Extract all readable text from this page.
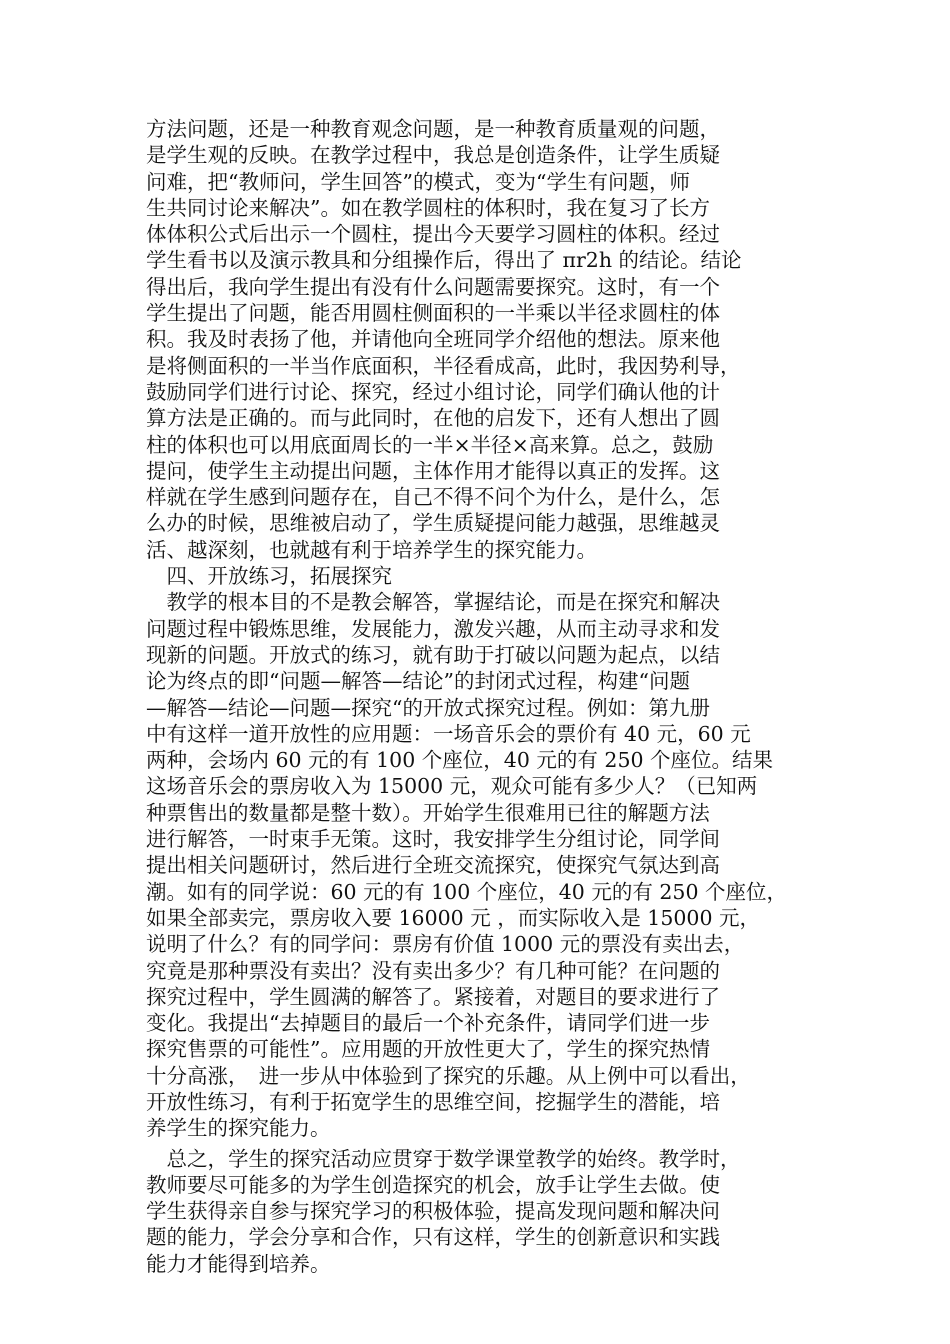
方法问题，还是一种教育观念问题，是一种教育质量观的问题，
是学生观的反映。在教学过程中，我总是创造条件，让学生质疑
问难，把“教师问，学生回答”的模式，变为“学生有问题，师
生共同讨论来解决”。如在教学圆柱的体积时，我在复习了长方
体体积公式后出示一个圆柱，提出今天要学习圆柱的体积。经过
学生看书以及演示教具和分组操作后，得出了 πr2h 的结论。结论
得出后，我向学生提出有没有什么问题需要探究。这时，有一个
学生提出了问题，能否用圆柱侧面积的一半乘以半径求圆柱的体
积。我及时表扬了他，并请他向全班同学介绍他的想法。原来他
是将侧面积的一半当作底面积，半径看成高，此时，我因势利导，
鼓励同学们进行讨论、探究，经过小组讨论，同学们确认他的计
算方法是正确的。而与此同时，在他的启发下，还有人想出了圆
柱的体积也可以用底面周长的一半×半径×高来算。总之，鼓励
提问，使学生主动提出问题，主体作用才能得以真正的发挥。这
样就在学生感到问题存在，自己不得不问个为什么，是什么，怎
么办的时候，思维被启动了，学生质疑提问能力越强，思维越灵
活、越深刻，也就越有利于培养学生的探究能力。
　四、开放练习，拓展探究
　教学的根本目的不是教会解答，掌握结论，而是在探究和解决
问题过程中锻炼思维，发展能力，激发兴趣，从而主动寻求和发
现新的问题。开放式的练习，就有助于打破以问题为起点，以结
论为终点的即“问题—解答—结论”的封闭式过程，构建“问题
—解答—结论—问题—探究“的开放式探究过程。例如：第九册
中有这样一道开放性的应用题：一场音乐会的票价有 40 元，60 元
两种，会场内 60 元的有 100 个座位，40 元的有 250 个座位。结果
这场音乐会的票房收入为 15000 元，观众可能有多少人？（已知两
种票售出的数量都是整十数）。开始学生很难用已往的解题方法
进行解答，一时束手无策。这时，我安排学生分组讨论，同学间
提出相关问题研讨，然后进行全班交流探究，使探究气氛达到高
潮。如有的同学说：60 元的有 100 个座位，40 元的有 250 个座位，
如果全部卖完，票房收入要 16000 元 ，而实际收入是 15000 元，
说明了什么？有的同学问：票房有价值 1000 元的票没有卖出去，
究竟是那种票没有卖出？没有卖出多少？有几种可能？在问题的
探究过程中，学生圆满的解答了。紧接着，对题目的要求进行了
变化。我提出“去掉题目的最后一个补充条件，请同学们进一步
探究售票的可能性”。应用题的开放性更大了，学生的探究热情
十分高涨，　进一步从中体验到了探究的乐趣。从上例中可以看出，
开放性练习，有利于拓宽学生的思维空间，挖掘学生的潜能，培
养学生的探究能力。
　总之，学生的探究活动应贯穿于数学课堂教学的始终。教学时，
教师要尽可能多的为学生创造探究的机会，放手让学生去做。使
学生获得亲自参与探究学习的积极体验，提高发现问题和解决问
题的能力，学会分享和合作，只有这样，学生的创新意识和实践
能力才能得到培养。
